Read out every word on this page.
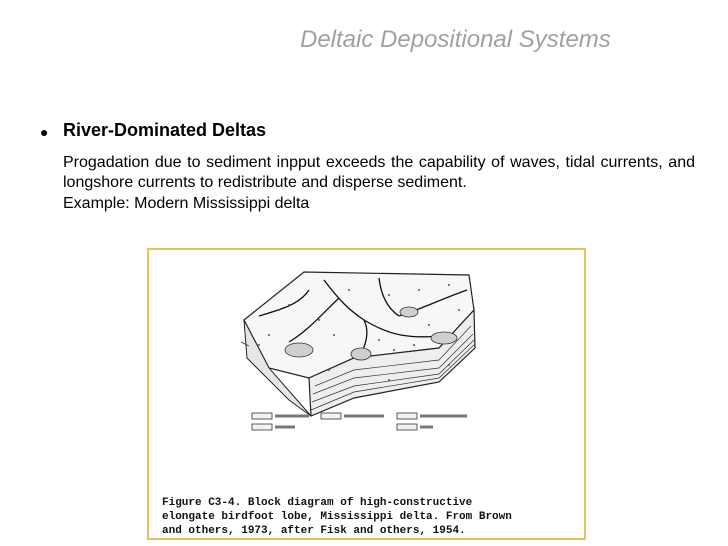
Deltaic Depositional Systems
● River-Dominated Deltas
Progadation due to sediment inpput exceeds the capability of waves, tidal currents, and longshore currents to redistribute and disperse sediment.
Example: Modern Mississippi delta
Figure C3-4. Block diagram of high-constructive
elongate birdfoot lobe, Mississippi delta. From Brown
and others, 1973, after Fisk and others, 1954.
